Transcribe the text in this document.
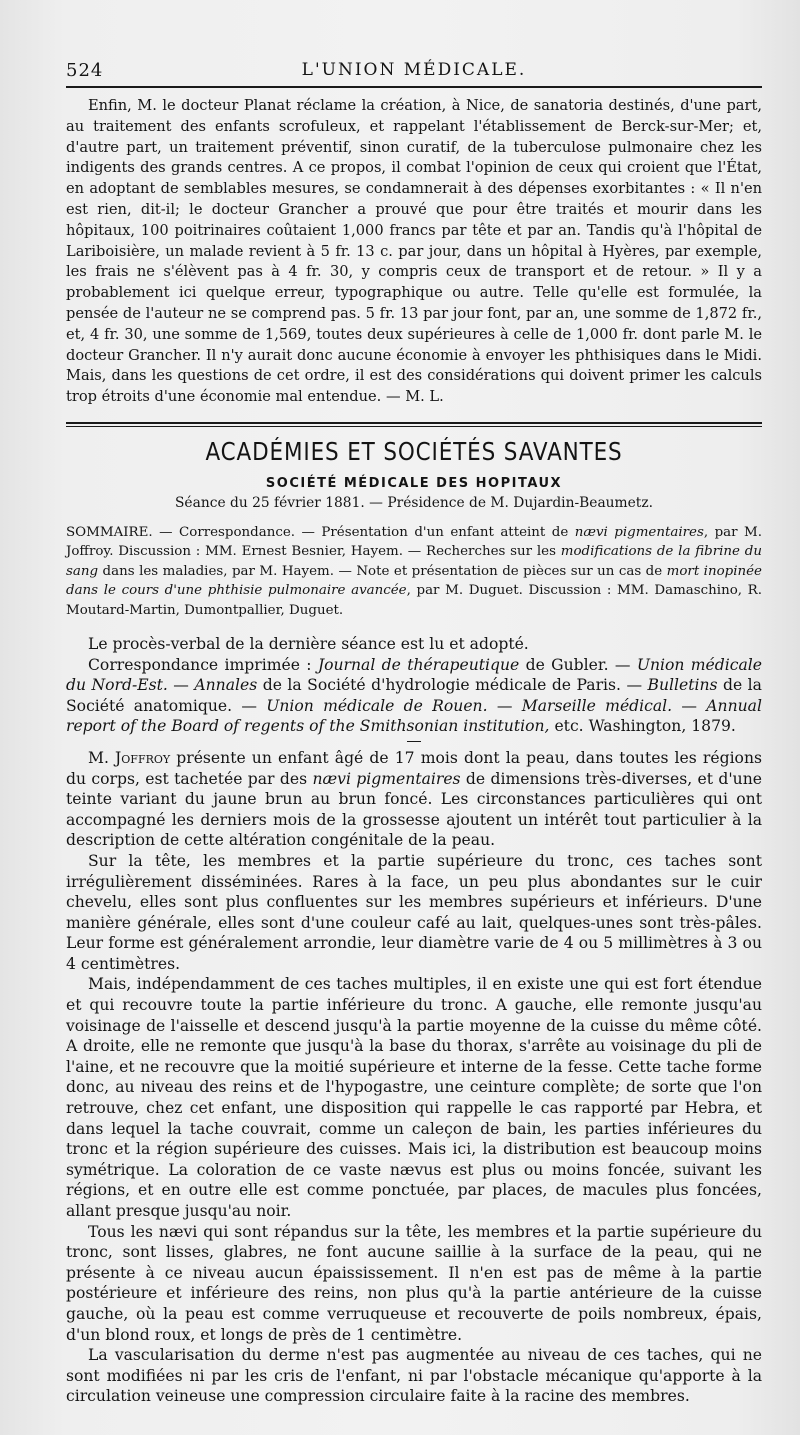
524	L'UNION MÉDICALE.

Enfin, M. le docteur Planat réclame la création, à Nice, de sanatoria destinés, d'une part, au traitement des enfants scrofuleux, et rappelant l'établissement de Berck-sur-Mer; et, d'autre part, un traitement préventif, sinon curatif, de la tuberculose pulmonaire chez les indigents des grands centres. A ce propos, il combat l'opinion de ceux qui croient que l'État, en adoptant de semblables mesures, se condamnerait à des dépenses exorbitantes : « Il n'en est rien, dit-il; le docteur Grancher a prouvé que pour être traités et mourir dans les hôpitaux, 100 poitrinaires coûtaient 1,000 francs par tête et par an. Tandis qu'à l'hôpital de Lariboisière, un malade revient à 5 fr. 13 c. par jour, dans un hôpital à Hyères, par exemple, les frais ne s'élèvent pas à 4 fr. 30, y compris ceux de transport et de retour. » Il y a probablement ici quelque erreur, typographique ou autre. Telle qu'elle est formulée, la pensée de l'auteur ne se comprend pas. 5 fr. 13 par jour font, par an, une somme de 1,872 fr., et, 4 fr. 30, une somme de 1,569, toutes deux supérieures à celle de 1,000 fr. dont parle M. le docteur Grancher. Il n'y aurait donc aucune économie à envoyer les phthisiques dans le Midi. Mais, dans les questions de cet ordre, il est des considérations qui doivent primer les calculs trop étroits d'une économie mal entendue. — M. L.

ACADÉMIES ET SOCIÉTÉS SAVANTES
SOCIÉTÉ MÉDICALE DES HOPITAUX
Séance du 25 février 1881. — Présidence de M. Dujardin-Beaumetz.

SOMMAIRE. — Correspondance. — Présentation d'un enfant atteint de nævi pigmentaires, par M. Joffroy. Discussion : MM. Ernest Besnier, Hayem. — Recherches sur les modifications de la fibrine du sang dans les maladies, par M. Hayem. — Note et présentation de pièces sur un cas de mort inopinée dans le cours d'une phthisie pulmonaire avancée, par M. Duguet. Discussion : MM. Damaschino, R. Moutard-Martin, Dumontpallier, Duguet.

Le procès-verbal de la dernière séance est lu et adopté.

Correspondance imprimée : Journal de thérapeutique de Gubler. — Union médicale du Nord-Est. — Annales de la Société d'hydrologie médicale de Paris. — Bulletins de la Société anatomique. — Union médicale de Rouen. — Marseille médical. — Annual report of the Board of regents of the Smithsonian institution, etc. Washington, 1879.

M. Joffroy présente un enfant âgé de 17 mois dont la peau, dans toutes les régions du corps, est tachetée par des nævi pigmentaires de dimensions très-diverses, et d'une teinte variant du jaune brun au brun foncé. Les circonstances particulières qui ont accompagné les derniers mois de la grossesse ajoutent un intérêt tout particulier à la description de cette altération congénitale de la peau.

Sur la tête, les membres et la partie supérieure du tronc, ces taches sont irrégulièrement disséminées. Rares à la face, un peu plus abondantes sur le cuir chevelu, elles sont plus confluentes sur les membres supérieurs et inférieurs. D'une manière générale, elles sont d'une couleur café au lait, quelques-unes sont très-pâles. Leur forme est généralement arrondie, leur diamètre varie de 4 ou 5 millimètres à 3 ou 4 centimètres.

Mais, indépendamment de ces taches multiples, il en existe une qui est fort étendue et qui recouvre toute la partie inférieure du tronc. A gauche, elle remonte jusqu'au voisinage de l'aisselle et descend jusqu'à la partie moyenne de la cuisse du même côté. A droite, elle ne remonte que jusqu'à la base du thorax, s'arrête au voisinage du pli de l'aine, et ne recouvre que la moitié supérieure et interne de la fesse. Cette tache forme donc, au niveau des reins et de l'hypogastre, une ceinture complète; de sorte que l'on retrouve, chez cet enfant, une disposition qui rappelle le cas rapporté par Hebra, et dans lequel la tache couvrait, comme un caleçon de bain, les parties inférieures du tronc et la région supérieure des cuisses. Mais ici, la distribution est beaucoup moins symétrique. La coloration de ce vaste nævus est plus ou moins foncée, suivant les régions, et en outre elle est comme ponctuée, par places, de macules plus foncées, allant presque jusqu'au noir.

Tous les nævi qui sont répandus sur la tête, les membres et la partie supérieure du tronc, sont lisses, glabres, ne font aucune saillie à la surface de la peau, qui ne présente à ce niveau aucun épaississement. Il n'en est pas de même à la partie postérieure et inférieure des reins, non plus qu'à la partie antérieure de la cuisse gauche, où la peau est comme verruqueuse et recouverte de poils nombreux, épais, d'un blond roux, et longs de près de 1 centimètre.

La vascularisation du derme n'est pas augmentée au niveau de ces taches, qui ne sont modifiées ni par les cris de l'enfant, ni par l'obstacle mécanique qu'apporte à la circulation veineuse une compression circulaire faite à la racine des membres.
